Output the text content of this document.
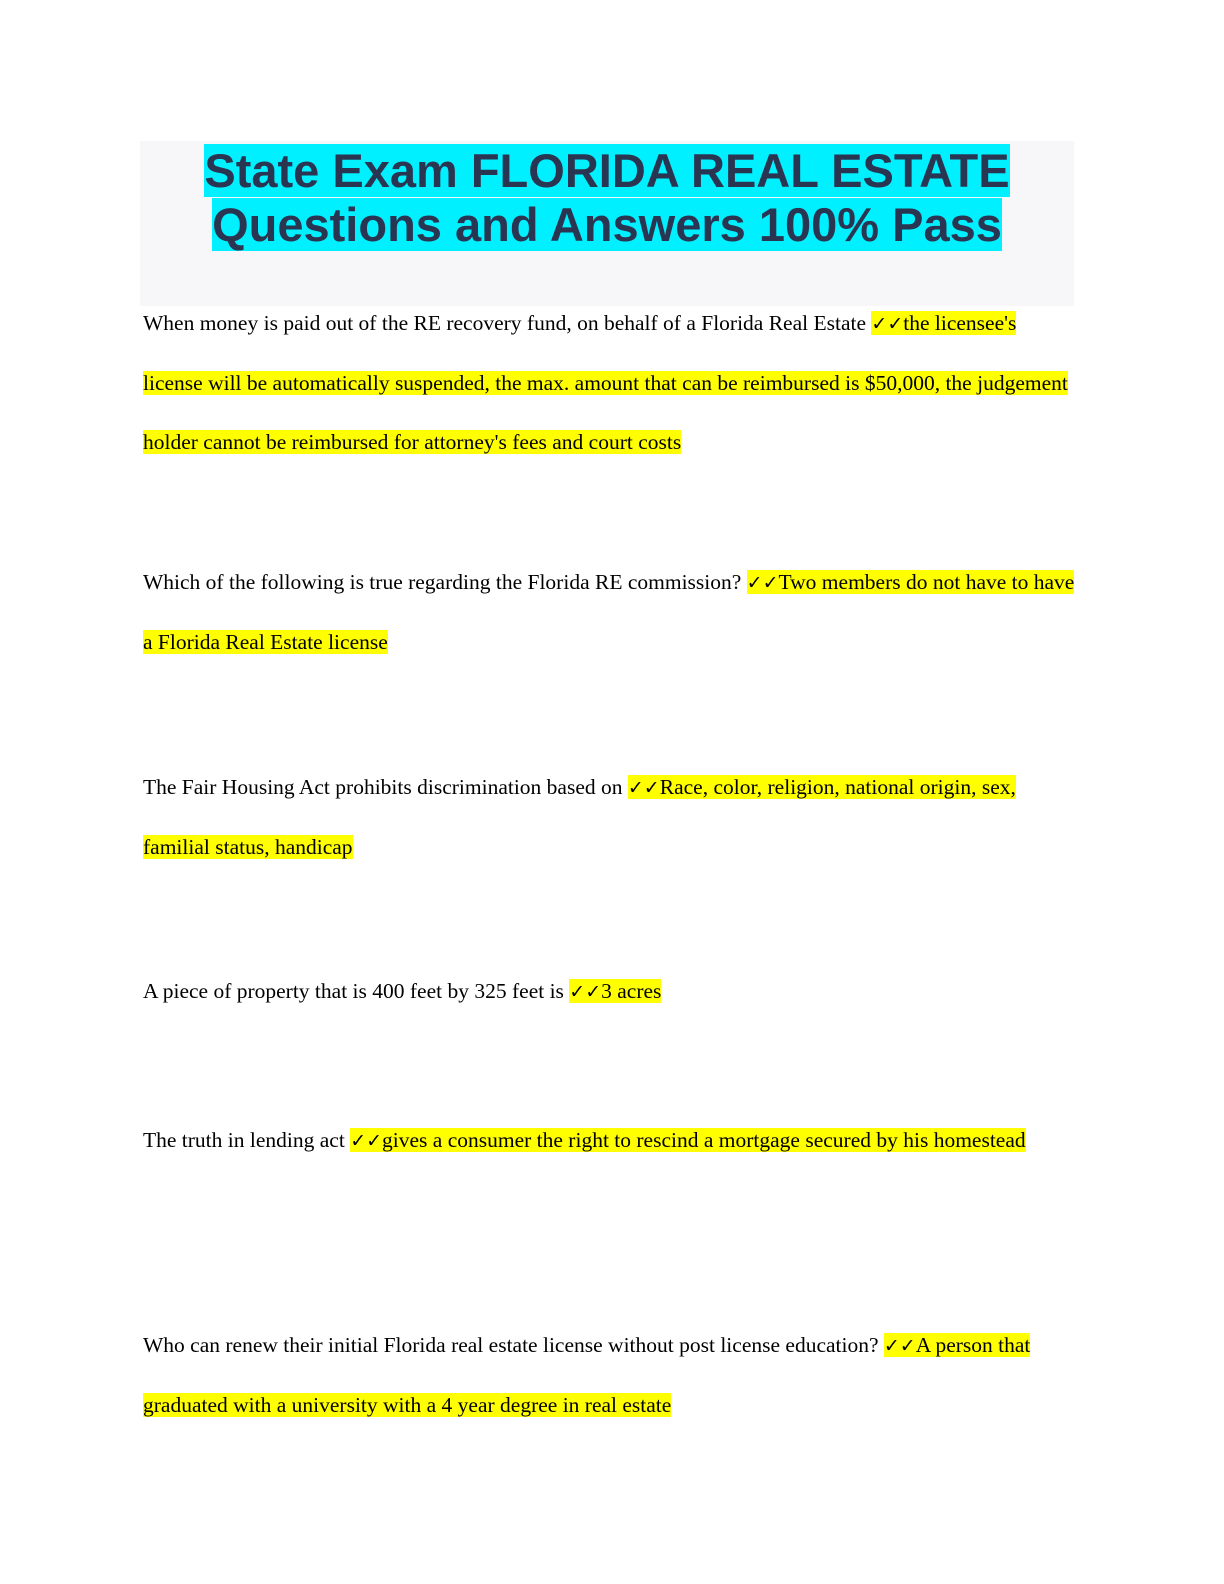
State Exam FLORIDA REAL ESTATE
Questions and Answers 100% Pass

When money is paid out of the RE recovery fund, on behalf of a Florida Real Estate ✓✓the licensee's license will be automatically suspended, the max. amount that can be reimbursed is $50,000, the judgement holder cannot be reimbursed for attorney's fees and court costs

Which of the following is true regarding the Florida RE commission? ✓✓Two members do not have to have a Florida Real Estate license

The Fair Housing Act prohibits discrimination based on ✓✓Race, color, religion, national origin, sex, familial status, handicap

A piece of property that is 400 feet by 325 feet is ✓✓3 acres

The truth in lending act ✓✓gives a consumer the right to rescind a mortgage secured by his homestead

Who can renew their initial Florida real estate license without post license education? ✓✓A person that graduated with a university with a 4 year degree in real estate
